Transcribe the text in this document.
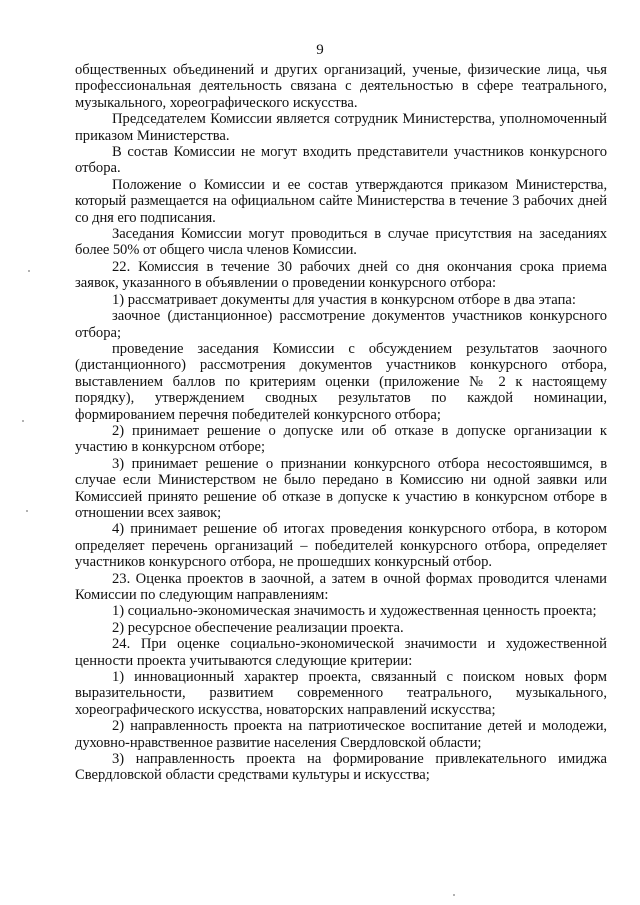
9

общественных объединений и других организаций, ученые, физические лица, чья профессиональная деятельность связана с деятельностью в сфере театрального, музыкального, хореографического искусства.

Председателем Комиссии является сотрудник Министерства, уполномоченный приказом Министерства.

В состав Комиссии не могут входить представители участников конкурсного отбора.

Положение о Комиссии и ее состав утверждаются приказом Министерства, который размещается на официальном сайте Министерства в течение 3 рабочих дней со дня его подписания.

Заседания Комиссии могут проводиться в случае присутствия на заседаниях более 50% от общего числа членов Комиссии.

22. Комиссия в течение 30 рабочих дней со дня окончания срока приема заявок, указанного в объявлении о проведении конкурсного отбора:

1) рассматривает документы для участия в конкурсном отборе в два этапа:

заочное (дистанционное) рассмотрение документов участников конкурсного отбора;

проведение заседания Комиссии с обсуждением результатов заочного (дистанционного) рассмотрения документов участников конкурсного отбора, выставлением баллов по критериям оценки (приложение № 2 к настоящему порядку), утверждением сводных результатов по каждой номинации, формированием перечня победителей конкурсного отбора;

2) принимает решение о допуске или об отказе в допуске организации к участию в конкурсном отборе;

3) принимает решение о признании конкурсного отбора несостоявшимся, в случае если Министерством не было передано в Комиссию ни одной заявки или Комиссией принято решение об отказе в допуске к участию в конкурсном отборе в отношении всех заявок;

4) принимает решение об итогах проведения конкурсного отбора, в котором определяет перечень организаций – победителей конкурсного отбора, определяет участников конкурсного отбора, не прошедших конкурсный отбор.

23. Оценка проектов в заочной, а затем в очной формах проводится членами Комиссии по следующим направлениям:

1) социально-экономическая значимость и художественная ценность проекта;

2) ресурсное обеспечение реализации проекта.

24. При оценке социально-экономической значимости и художественной ценности проекта учитываются следующие критерии:

1) инновационный характер проекта, связанный с поиском новых форм выразительности, развитием современного театрального, музыкального, хореографического искусства, новаторских направлений искусства;

2) направленность проекта на патриотическое воспитание детей и молодежи, духовно-нравственное развитие населения Свердловской области;

3) направленность проекта на формирование привлекательного имиджа Свердловской области средствами культуры и искусства;
